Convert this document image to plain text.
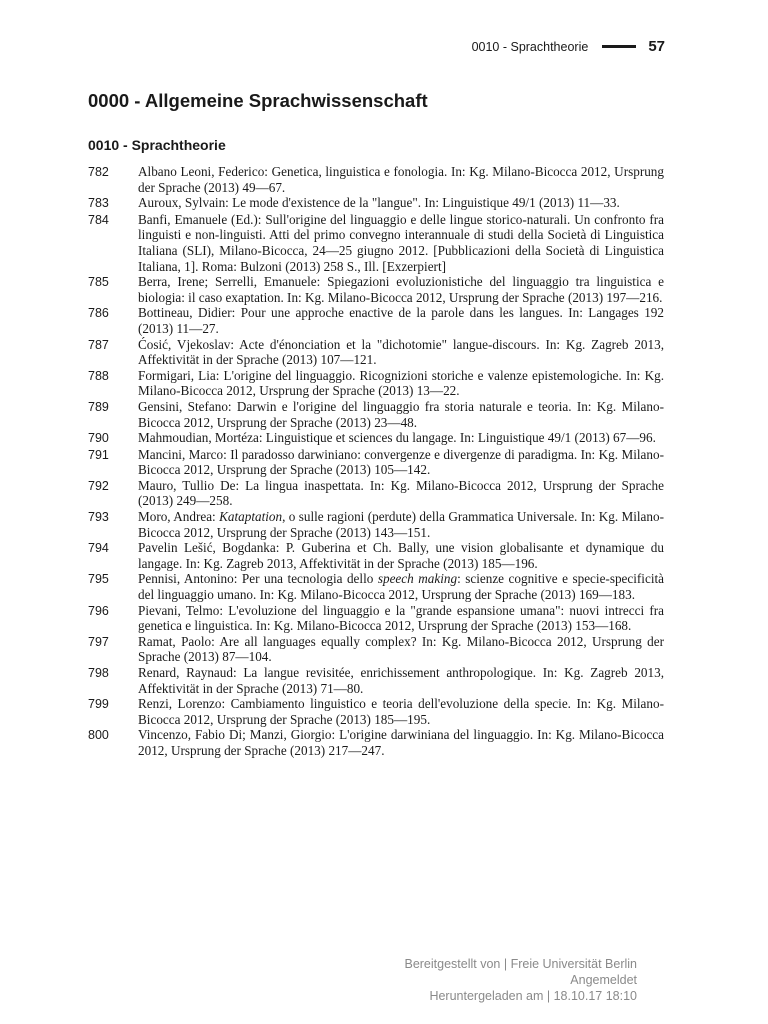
0010 - Sprachtheorie	57
0000 - Allgemeine Sprachwissenschaft
0010 - Sprachtheorie
782	Albano Leoni, Federico: Genetica, linguistica e fonologia. In: Kg. Milano-Bicocca 2012, Ursprung der Sprache (2013) 49—67.
783	Auroux, Sylvain: Le mode d'existence de la "langue". In: Linguistique 49/1 (2013) 11—33.
784	Banfi, Emanuele (Ed.): Sull'origine del linguaggio e delle lingue storico-naturali. Un confronto fra linguisti e non-linguisti. Atti del primo convegno interannuale di studi della Società di Linguistica Italiana (SLI), Milano-Bicocca, 24—25 giugno 2012. [Pubblicazioni della Società di Linguistica Italiana, 1]. Roma: Bulzoni (2013) 258 S., Ill. [Exzerpiert]
785	Berra, Irene; Serrelli, Emanuele: Spiegazioni evoluzionistiche del linguaggio tra linguistica e biologia: il caso exaptation. In: Kg. Milano-Bicocca 2012, Ursprung der Sprache (2013) 197—216.
786	Bottineau, Didier: Pour une approche enactive de la parole dans les langues. In: Langages 192 (2013) 11—27.
787	Ćosić, Vjekoslav: Acte d'énonciation et la "dichotomie" langue-discours. In: Kg. Zagreb 2013, Affektivität in der Sprache (2013) 107—121.
788	Formigari, Lia: L'origine del linguaggio. Ricognizioni storiche e valenze epistemologiche. In: Kg. Milano-Bicocca 2012, Ursprung der Sprache (2013) 13—22.
789	Gensini, Stefano: Darwin e l'origine del linguaggio fra storia naturale e teoria. In: Kg. Milano-Bicocca 2012, Ursprung der Sprache (2013) 23—48.
790	Mahmoudian, Mortéza: Linguistique et sciences du langage. In: Linguistique 49/1 (2013) 67—96.
791	Mancini, Marco: Il paradosso darwiniano: convergenze e divergenze di paradigma. In: Kg. Milano-Bicocca 2012, Ursprung der Sprache (2013) 105—142.
792	Mauro, Tullio De: La lingua inaspettata. In: Kg. Milano-Bicocca 2012, Ursprung der Sprache (2013) 249—258.
793	Moro, Andrea: Kataptation, o sulle ragioni (perdute) della Grammatica Universale. In: Kg. Milano-Bicocca 2012, Ursprung der Sprache (2013) 143—151.
794	Pavelin Lešić, Bogdanka: P. Guberina et Ch. Bally, une vision globalisante et dynamique du langage. In: Kg. Zagreb 2013, Affektivität in der Sprache (2013) 185—196.
795	Pennisi, Antonino: Per una tecnologia dello speech making: scienze cognitive e specie-specificità del linguaggio umano. In: Kg. Milano-Bicocca 2012, Ursprung der Sprache (2013) 169—183.
796	Pievani, Telmo: L'evoluzione del linguaggio e la "grande espansione umana": nuovi intrecci fra genetica e linguistica. In: Kg. Milano-Bicocca 2012, Ursprung der Sprache (2013) 153—168.
797	Ramat, Paolo: Are all languages equally complex? In: Kg. Milano-Bicocca 2012, Ursprung der Sprache (2013) 87—104.
798	Renard, Raynaud: La langue revisitée, enrichissement anthropologique. In: Kg. Zagreb 2013, Affektivität in der Sprache (2013) 71—80.
799	Renzi, Lorenzo: Cambiamento linguistico e teoria dell'evoluzione della specie. In: Kg. Milano-Bicocca 2012, Ursprung der Sprache (2013) 185—195.
800	Vincenzo, Fabio Di; Manzi, Giorgio: L'origine darwiniana del linguaggio. In: Kg. Milano-Bicocca 2012, Ursprung der Sprache (2013) 217—247.
Bereitgestellt von | Freie Universität Berlin
Angemeldet
Heruntergeladen am | 18.10.17 18:10
